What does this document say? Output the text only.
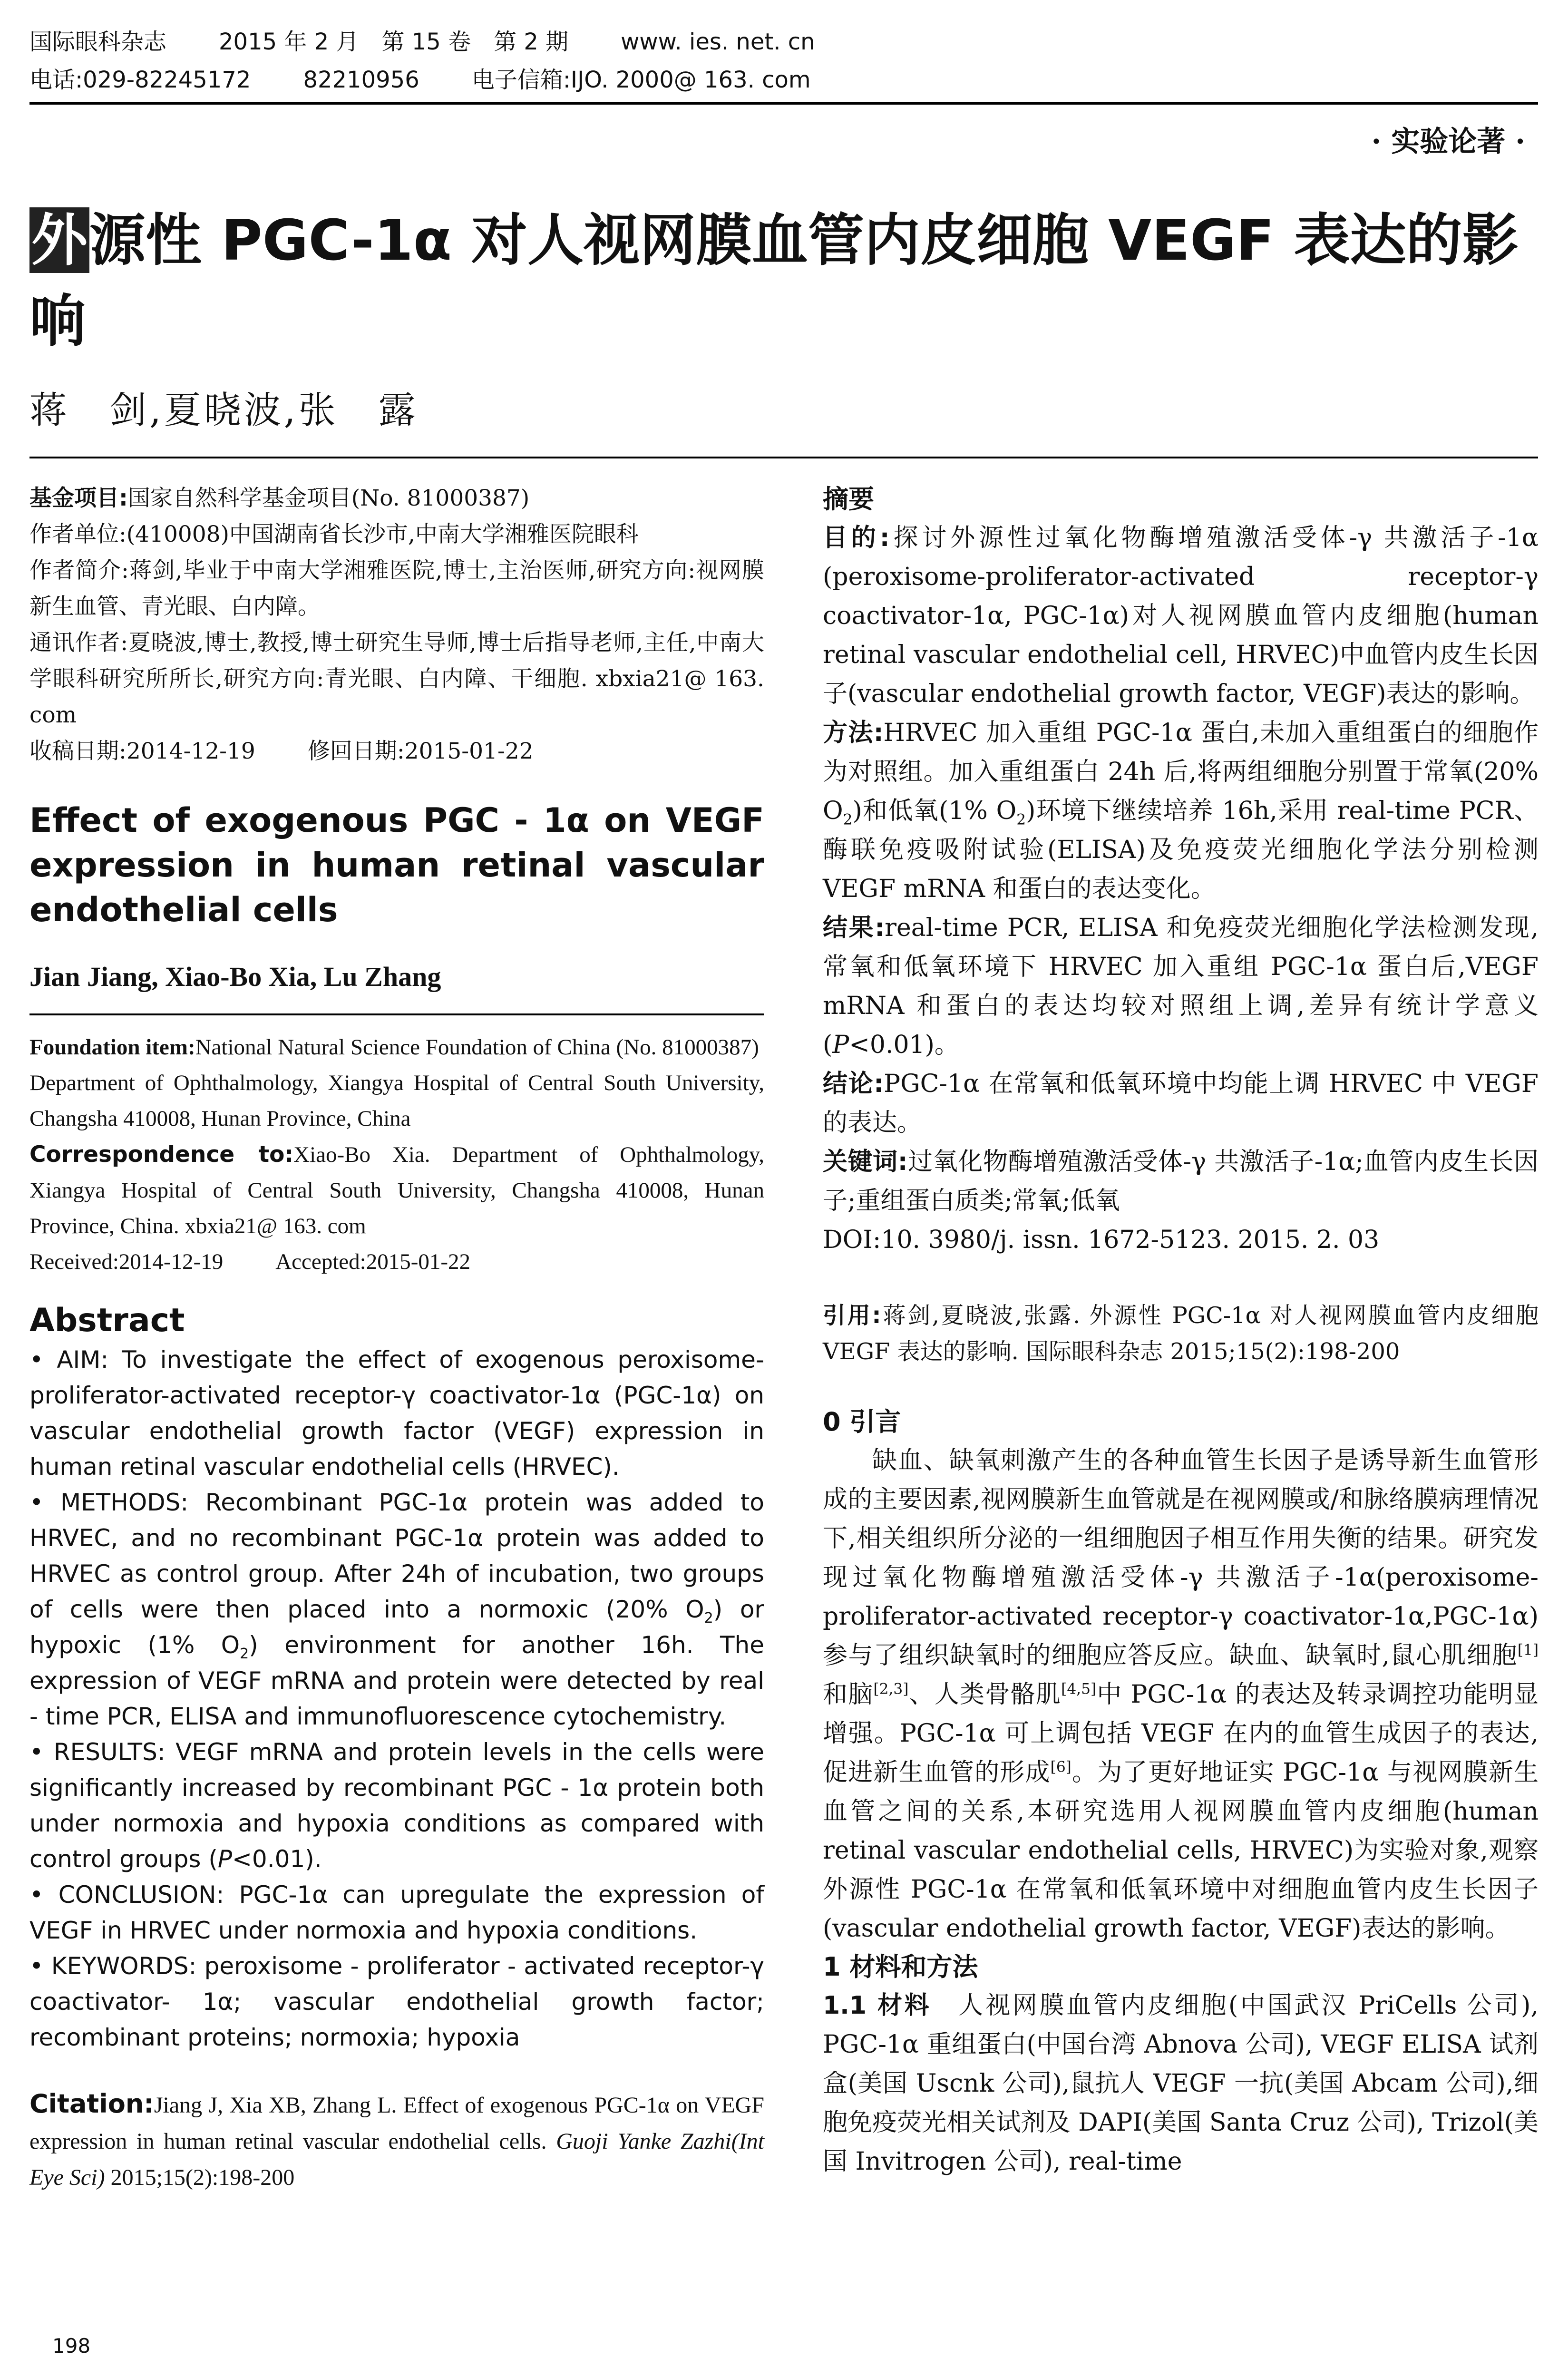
国际眼科杂志 2015 年 2 月　第 15 卷　第 2 期 www. ies. net. cn
电话:029-82245172 82210956 电子信箱:IJO. 2000@ 163. com
· 实验论著 ·
外源性 PGC-1α 对人视网膜血管内皮细胞 VEGF 表达的影响
蒋　剑,夏晓波,张　露

基金项目:国家自然科学基金项目(No. 81000387)

作者单位:(410008)中国湖南省长沙市,中南大学湘雅医院眼科

作者简介:蒋剑,毕业于中南大学湘雅医院,博士,主治医师,研究方向:视网膜新生血管、青光眼、白内障。

通讯作者:夏晓波,博士,教授,博士研究生导师,博士后指导老师,主任,中南大学眼科研究所所长,研究方向:青光眼、白内障、干细胞. xbxia21@ 163. com

收稿日期:2014-12-19 修回日期:2015-01-22

Effect of exogenous PGC - 1α on VEGF expression in human retinal vascular endothelial cells
Jian Jiang, Xiao-Bo Xia, Lu Zhang

Foundation item:National Natural Science Foundation of China (No. 81000387)

Department of Ophthalmology, Xiangya Hospital of Central South University, Changsha 410008, Hunan Province, China

Correspondence to:Xiao-Bo Xia. Department of Ophthalmology, Xiangya Hospital of Central South University, Changsha 410008, Hunan Province, China. xbxia21@ 163. com

Received:2014-12-19 Accepted:2015-01-22

Abstract

• AIM: To investigate the effect of exogenous peroxisome-proliferator-activated receptor-γ coactivator-1α (PGC-1α) on vascular endothelial growth factor (VEGF) expression in human retinal vascular endothelial cells (HRVEC).

• METHODS: Recombinant PGC-1α protein was added to HRVEC, and no recombinant PGC-1α protein was added to HRVEC as control group. After 24h of incubation, two groups of cells were then placed into a normoxic (20% $O_2$) or hypoxic (1% $O_2$) environment for another 16h. The expression of VEGF mRNA and protein were detected by real - time PCR, ELISA and immunofluorescence cytochemistry.

• RESULTS: VEGF mRNA and protein levels in the cells were significantly increased by recombinant PGC - 1α protein both under normoxia and hypoxia conditions as compared with control groups (P<0.01).

• CONCLUSION: PGC-1α can upregulate the expression of VEGF in HRVEC under normoxia and hypoxia conditions.

• KEYWORDS: peroxisome - proliferator - activated receptor-γ coactivator- 1α; vascular endothelial growth factor; recombinant proteins; normoxia; hypoxia

Citation:Jiang J, Xia XB, Zhang L. Effect of exogenous PGC-1α on VEGF expression in human retinal vascular endothelial cells. Guoji Yanke Zazhi(Int Eye Sci) 2015;15(2):198-200

摘要

目的:探讨外源性过氧化物酶增殖激活受体-γ 共激活子-1α (peroxisome-proliferator-activated receptor-γ coactivator-1α, PGC-1α)对人视网膜血管内皮细胞(human retinal vascular endothelial cell, HRVEC)中血管内皮生长因子(vascular endothelial growth factor, VEGF)表达的影响。

方法:HRVEC 加入重组 PGC-1α 蛋白,未加入重组蛋白的细胞作为对照组。加入重组蛋白 24h 后,将两组细胞分别置于常氧(20% $O_2$)和低氧(1% $O_2$)环境下继续培养 16h,采用 real-time PCR、酶联免疫吸附试验(ELISA)及免疫荧光细胞化学法分别检测 VEGF mRNA 和蛋白的表达变化。

结果:real-time PCR, ELISA 和免疫荧光细胞化学法检测发现,常氧和低氧环境下 HRVEC 加入重组 PGC-1α 蛋白后,VEGF mRNA 和蛋白的表达均较对照组上调,差异有统计学意义(P<0.01)。

结论:PGC-1α 在常氧和低氧环境中均能上调 HRVEC 中 VEGF 的表达。

关键词:过氧化物酶增殖激活受体-γ 共激活子-1α;血管内皮生长因子;重组蛋白质类;常氧;低氧

DOI:10. 3980/j. issn. 1672-5123. 2015. 2. 03

引用:蒋剑,夏晓波,张露. 外源性 PGC-1α 对人视网膜血管内皮细胞 VEGF 表达的影响. 国际眼科杂志 2015;15(2):198-200

0 引言

缺血、缺氧刺激产生的各种血管生长因子是诱导新生血管形成的主要因素,视网膜新生血管就是在视网膜或/和脉络膜病理情况下,相关组织所分泌的一组细胞因子相互作用失衡的结果。研究发现过氧化物酶增殖激活受体-γ 共激活子-1α(peroxisome-proliferator-activated receptor-γ coactivator-1α,PGC-1α)参与了组织缺氧时的细胞应答反应。缺血、缺氧时,鼠心肌细胞[1]和脑[2,3]、人类骨骼肌[4,5]中 PGC-1α 的表达及转录调控功能明显增强。PGC-1α 可上调包括 VEGF 在内的血管生成因子的表达,促进新生血管的形成[6]。为了更好地证实 PGC-1α 与视网膜新生血管之间的关系,本研究选用人视网膜血管内皮细胞(human retinal vascular endothelial cells, HRVEC)为实验对象,观察外源性 PGC-1α 在常氧和低氧环境中对细胞血管内皮生长因子(vascular endothelial growth factor, VEGF)表达的影响。

1 材料和方法

1.1 材料　人视网膜血管内皮细胞(中国武汉 PriCells 公司), PGC-1α 重组蛋白(中国台湾 Abnova 公司), VEGF ELISA 试剂盒(美国 Uscnk 公司),鼠抗人 VEGF 一抗(美国 Abcam 公司),细胞免疫荧光相关试剂及 DAPI(美国 Santa Cruz 公司), Trizol(美国 Invitrogen 公司), real-time

198
